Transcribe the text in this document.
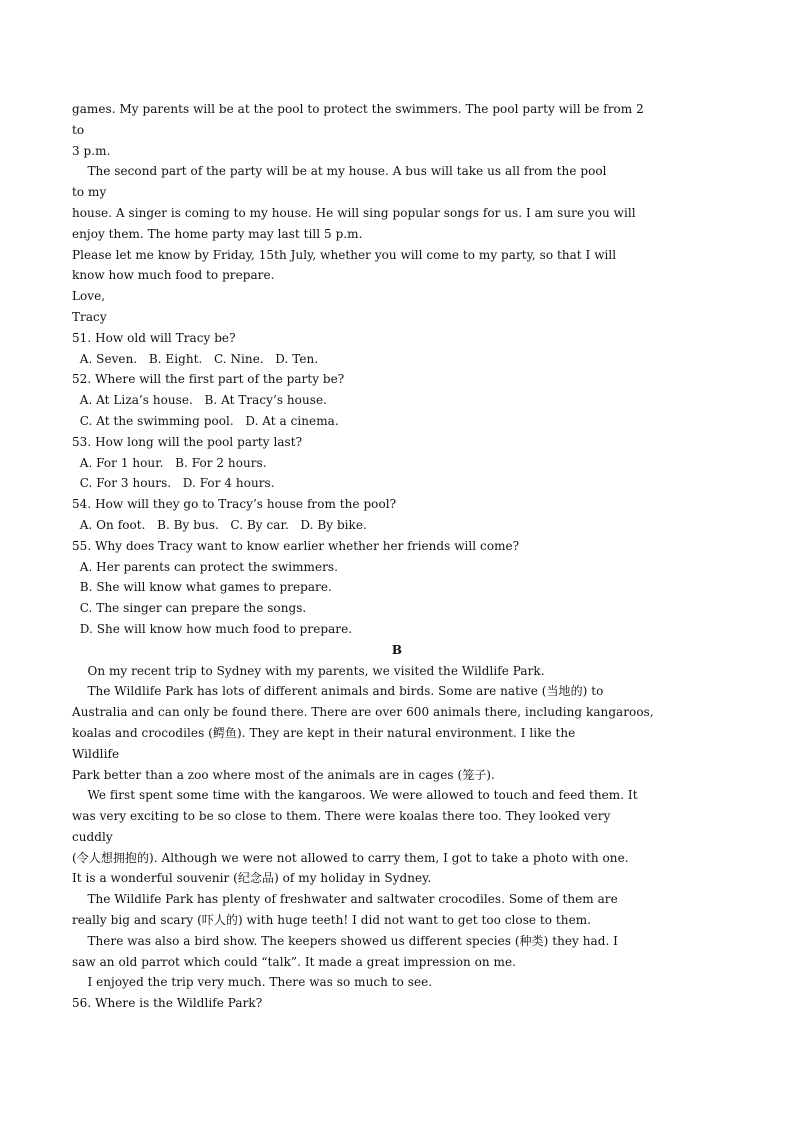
games. My parents will be at the pool to protect the swimmers. The pool party will be from 2
to
3 p.m.
The second part of the party will be at my house. A bus will take us all from the pool
to my
house. A singer is coming to my house. He will sing popular songs for us. I am sure you will
enjoy them. The home party may last till 5 p.m.
Please let me know by Friday, 15th July, whether you will come to my party, so that I will
know how much food to prepare.
Love,
Tracy
51. How old will Tracy be?
A. Seven.   B. Eight.   C. Nine.   D. Ten.
52. Where will the first part of the party be?
A. At Liza’s house.   B. At Tracy’s house.
C. At the swimming pool.   D. At a cinema.
53. How long will the pool party last?
A. For 1 hour.   B. For 2 hours.
C. For 3 hours.   D. For 4 hours.
54. How will they go to Tracy’s house from the pool?
A. On foot.   B. By bus.   C. By car.   D. By bike.
55. Why does Tracy want to know earlier whether her friends will come?
A. Her parents can protect the swimmers.
B. She will know what games to prepare.
C. The singer can prepare the songs.
D. She will know how much food to prepare.
B
On my recent trip to Sydney with my parents, we visited the Wildlife Park.
The Wildlife Park has lots of different animals and birds. Some are native (当地的) to
Australia and can only be found there. There are over 600 animals there, including kangaroos,
koalas and crocodiles (鳄鱼). They are kept in their natural environment. I like the
Wildlife
Park better than a zoo where most of the animals are in cages (笼子).
We first spent some time with the kangaroos. We were allowed to touch and feed them. It
was very exciting to be so close to them. There were koalas there too. They looked very
cuddly
(令人想拥抱的). Although we were not allowed to carry them, I got to take a photo with one.
It is a wonderful souvenir (纪念品) of my holiday in Sydney.
The Wildlife Park has plenty of freshwater and saltwater crocodiles. Some of them are
really big and scary (吓人的) with huge teeth! I did not want to get too close to them.
There was also a bird show. The keepers showed us different species (种类) they had. I
saw an old parrot which could “talk”. It made a great impression on me.
I enjoyed the trip very much. There was so much to see.
56. Where is the Wildlife Park?
